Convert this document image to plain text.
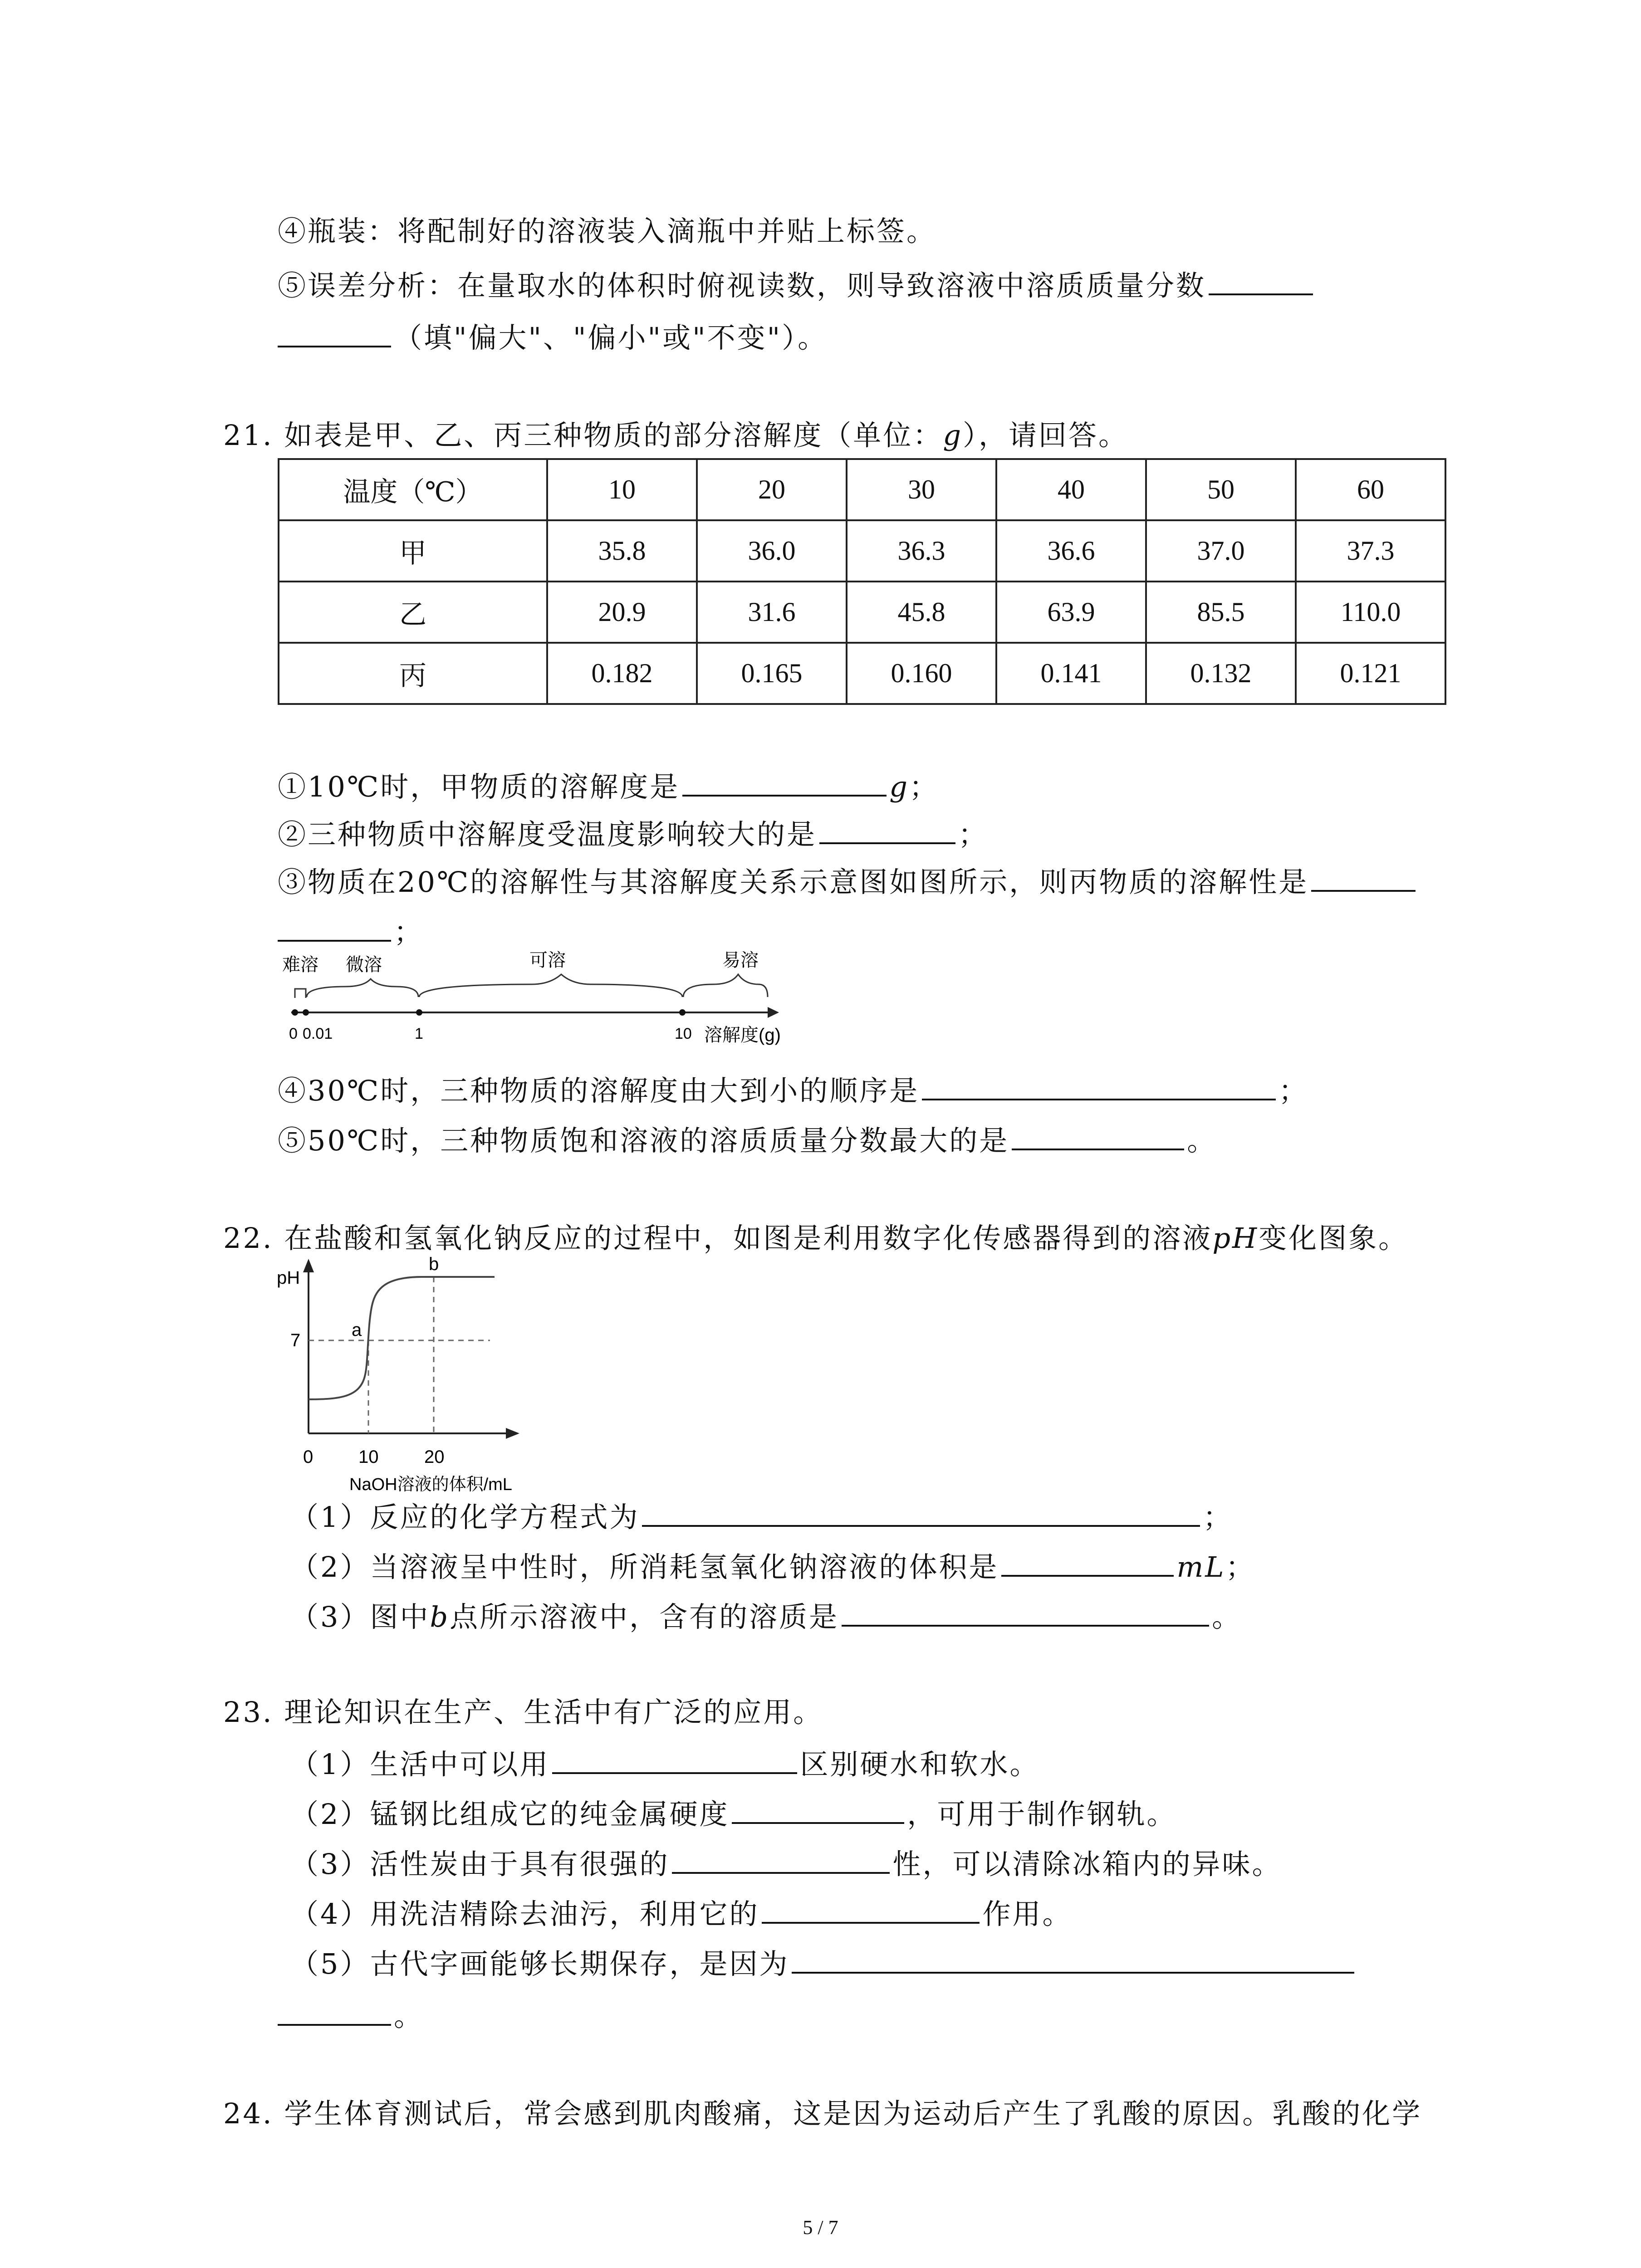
④瓶装：将配制好的溶液装入滴瓶中并贴上标签。
⑤误差分析：在量取水的体积时俯视读数，则导致溶液中溶质质量分数
（填"偏大"、"偏小"或"不变"）。
21. 如表是甲、乙、丙三种物质的部分溶解度（单位：g），请回答。
温度（℃）	10	20	30	40	50	60
甲	35.8	36.0	36.3	36.6	37.0	37.3
乙	20.9	31.6	45.8	63.9	85.5	110.0
丙	0.182	0.165	0.160	0.141	0.132	0.121
①10℃时，甲物质的溶解度是	g；
②三种物质中溶解度受温度影响较大的是	；
③物质在20℃的溶解性与其溶解度关系示意图如图所示，则丙物质的溶解性是
；
难溶 微溶	可溶	易溶
0 0.01	1	10 溶解度(g)
④30℃时，三种物质的溶解度由大到小的顺序是	；
⑤50℃时，三种物质饱和溶液的溶质质量分数最大的是	。
22. 在盐酸和氢氧化钠反应的过程中，如图是利用数字化传感器得到的溶液pH变化图象。
pH
7
a
b
0 10	20
NaOH溶液的体积/mL
（1）反应的化学方程式为	；
（2）当溶液呈中性时，所消耗氢氧化钠溶液的体积是	mL；
（3）图中b点所示溶液中，含有的溶质是	。
23. 理论知识在生产、生活中有广泛的应用。
（1）生活中可以用	区别硬水和软水。
（2）锰钢比组成它的纯金属硬度	，可用于制作钢轨。
（3）活性炭由于具有很强的	性，可以清除冰箱内的异味。
（4）用洗洁精除去油污，利用它的	作用。
（5）古代字画能够长期保存，是因为
。
24. 学生体育测试后，常会感到肌肉酸痛，这是因为运动后产生了乳酸的原因。乳酸的化学
5 / 7
